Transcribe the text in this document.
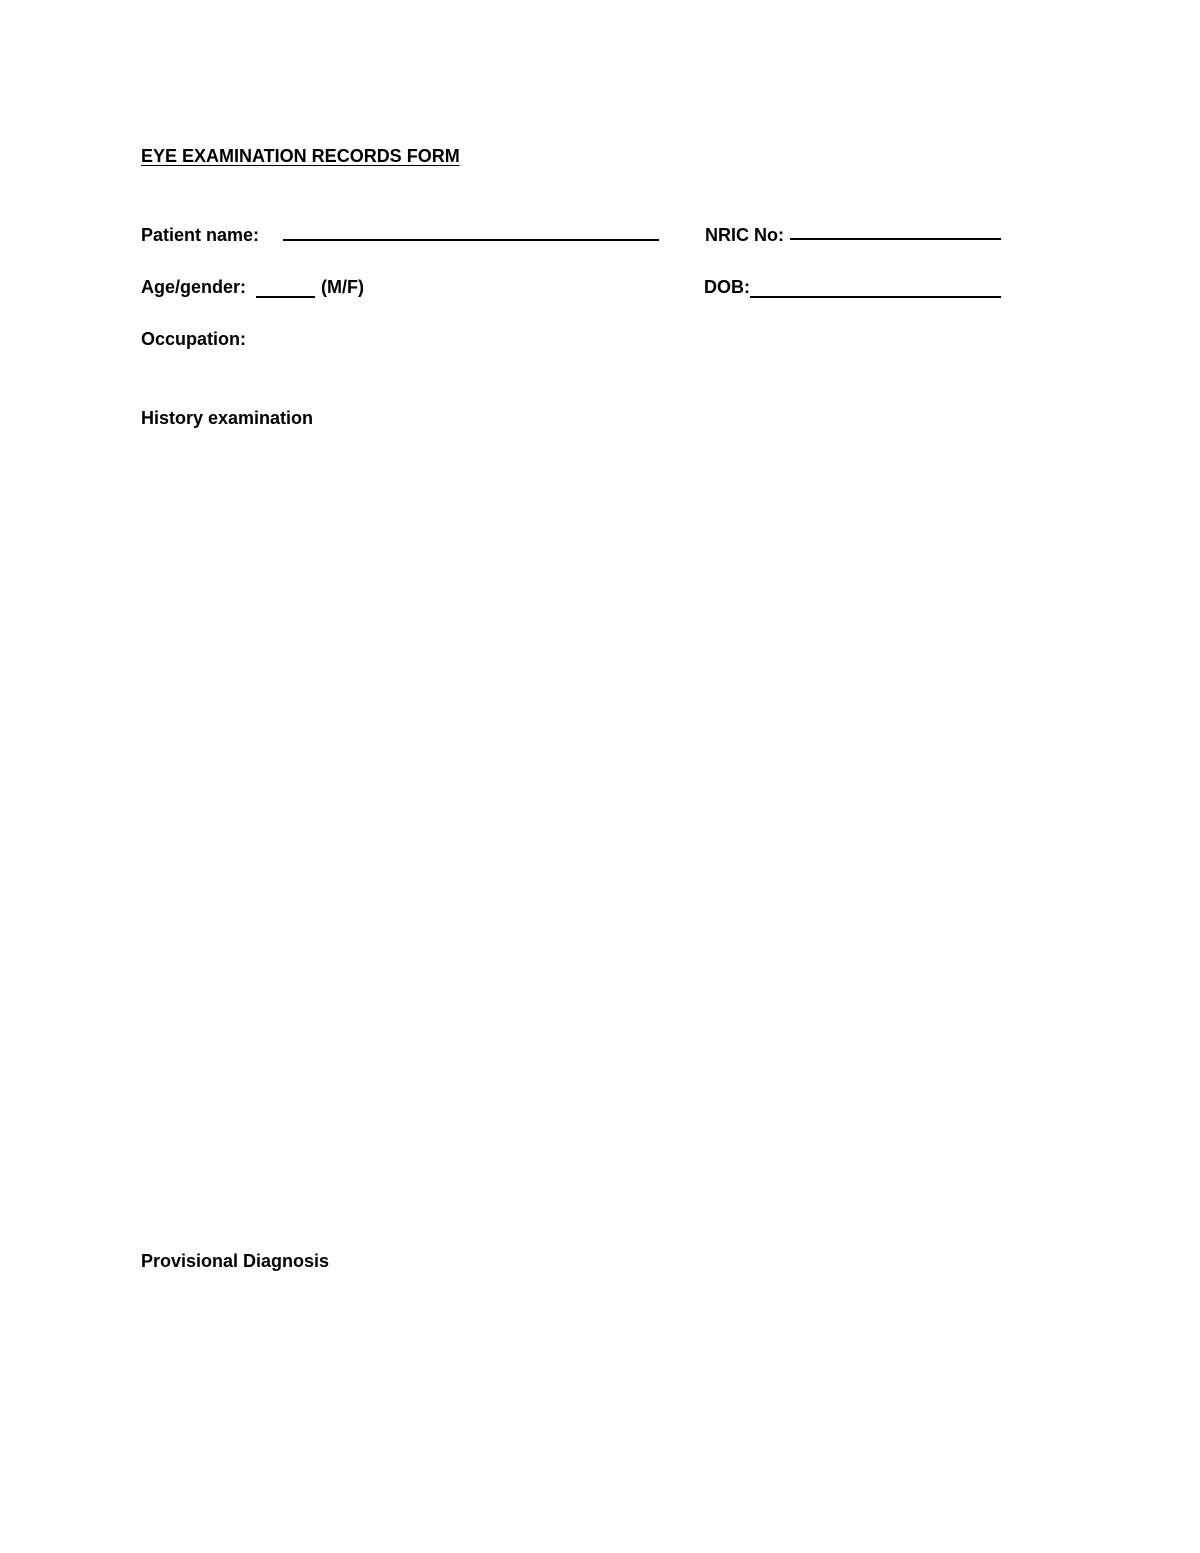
EYE EXAMINATION RECORDS FORM
Patient name:	NRIC No:
Age/gender:	(M/F)	DOB:
Occupation:
History examination
Provisional Diagnosis
